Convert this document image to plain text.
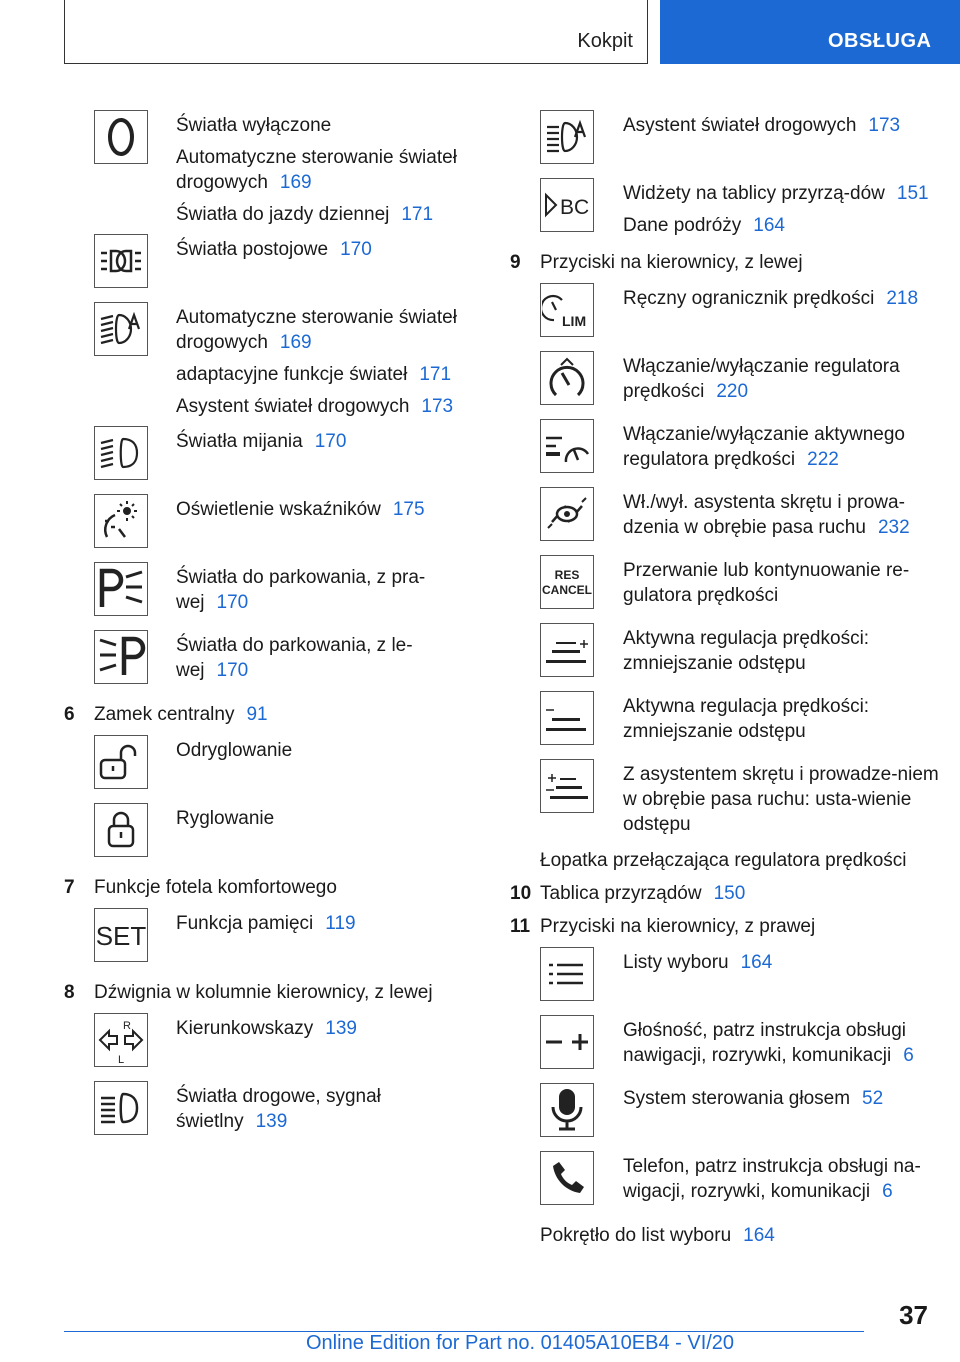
Kokpit	OBSŁUGA
Światła wyłączone
Automatyczne sterowanie świateł drogowych 169
Światła do jazdy dziennej 171
Światła postojowe 170
Automatyczne sterowanie świateł drogowych 169
adaptacyjne funkcje świateł 171
Asystent świateł drogowych 173
Światła mijania 170
Oświetlenie wskaźników 175
Światła do parkowania, z pra-wej 170
Światła do parkowania, z le-wej 170
6	Zamek centralny 91
Odryglowanie
Ryglowanie
7	Funkcje fotela komfortowego
SET Funkcja pamięci 119
8	Dźwignia w kolumnie kierownicy, z lewej
R
L
Kierunkowskazy 139
Światła drogowe, sygnał świetlny 139
Asystent świateł drogowych 173
BC
Widżety na tablicy przyrzą-dów 151
Dane podróży 164
9	Przyciski na kierownicy, z lewej
LIM
Ręczny ogranicznik prędkości 218
Włączanie/wyłączanie regulatora prędkości 220
Włączanie/wyłączanie aktywnego regulatora prędkości 222
Wł./wył. asystenta skrętu i prowa-dzenia w obrębie pasa ruchu 232
RES
CANCEL
Przerwanie lub kontynuowanie re-gulatora prędkości
Aktywna regulacja prędkości: zmniejszanie odstępu
Aktywna regulacja prędkości: zmniejszanie odstępu
Z asystentem skrętu i prowadze-niem w obrębie pasa ruchu: usta-wienie odstępu
Łopatka przełączająca regulatora prędkości
10 Tablica przyrządów 150
11 Przyciski na kierownicy, z prawej
Listy wyboru 164
Głośność, patrz instrukcja obsługi nawigacji, rozrywki, komunikacji 6
System sterowania głosem 52
Telefon, patrz instrukcja obsługi na-wigacji, rozrywki, komunikacji 6
Pokrętło do list wyboru 164
37
Online Edition for Part no. 01405A10EB4 - VI/20
